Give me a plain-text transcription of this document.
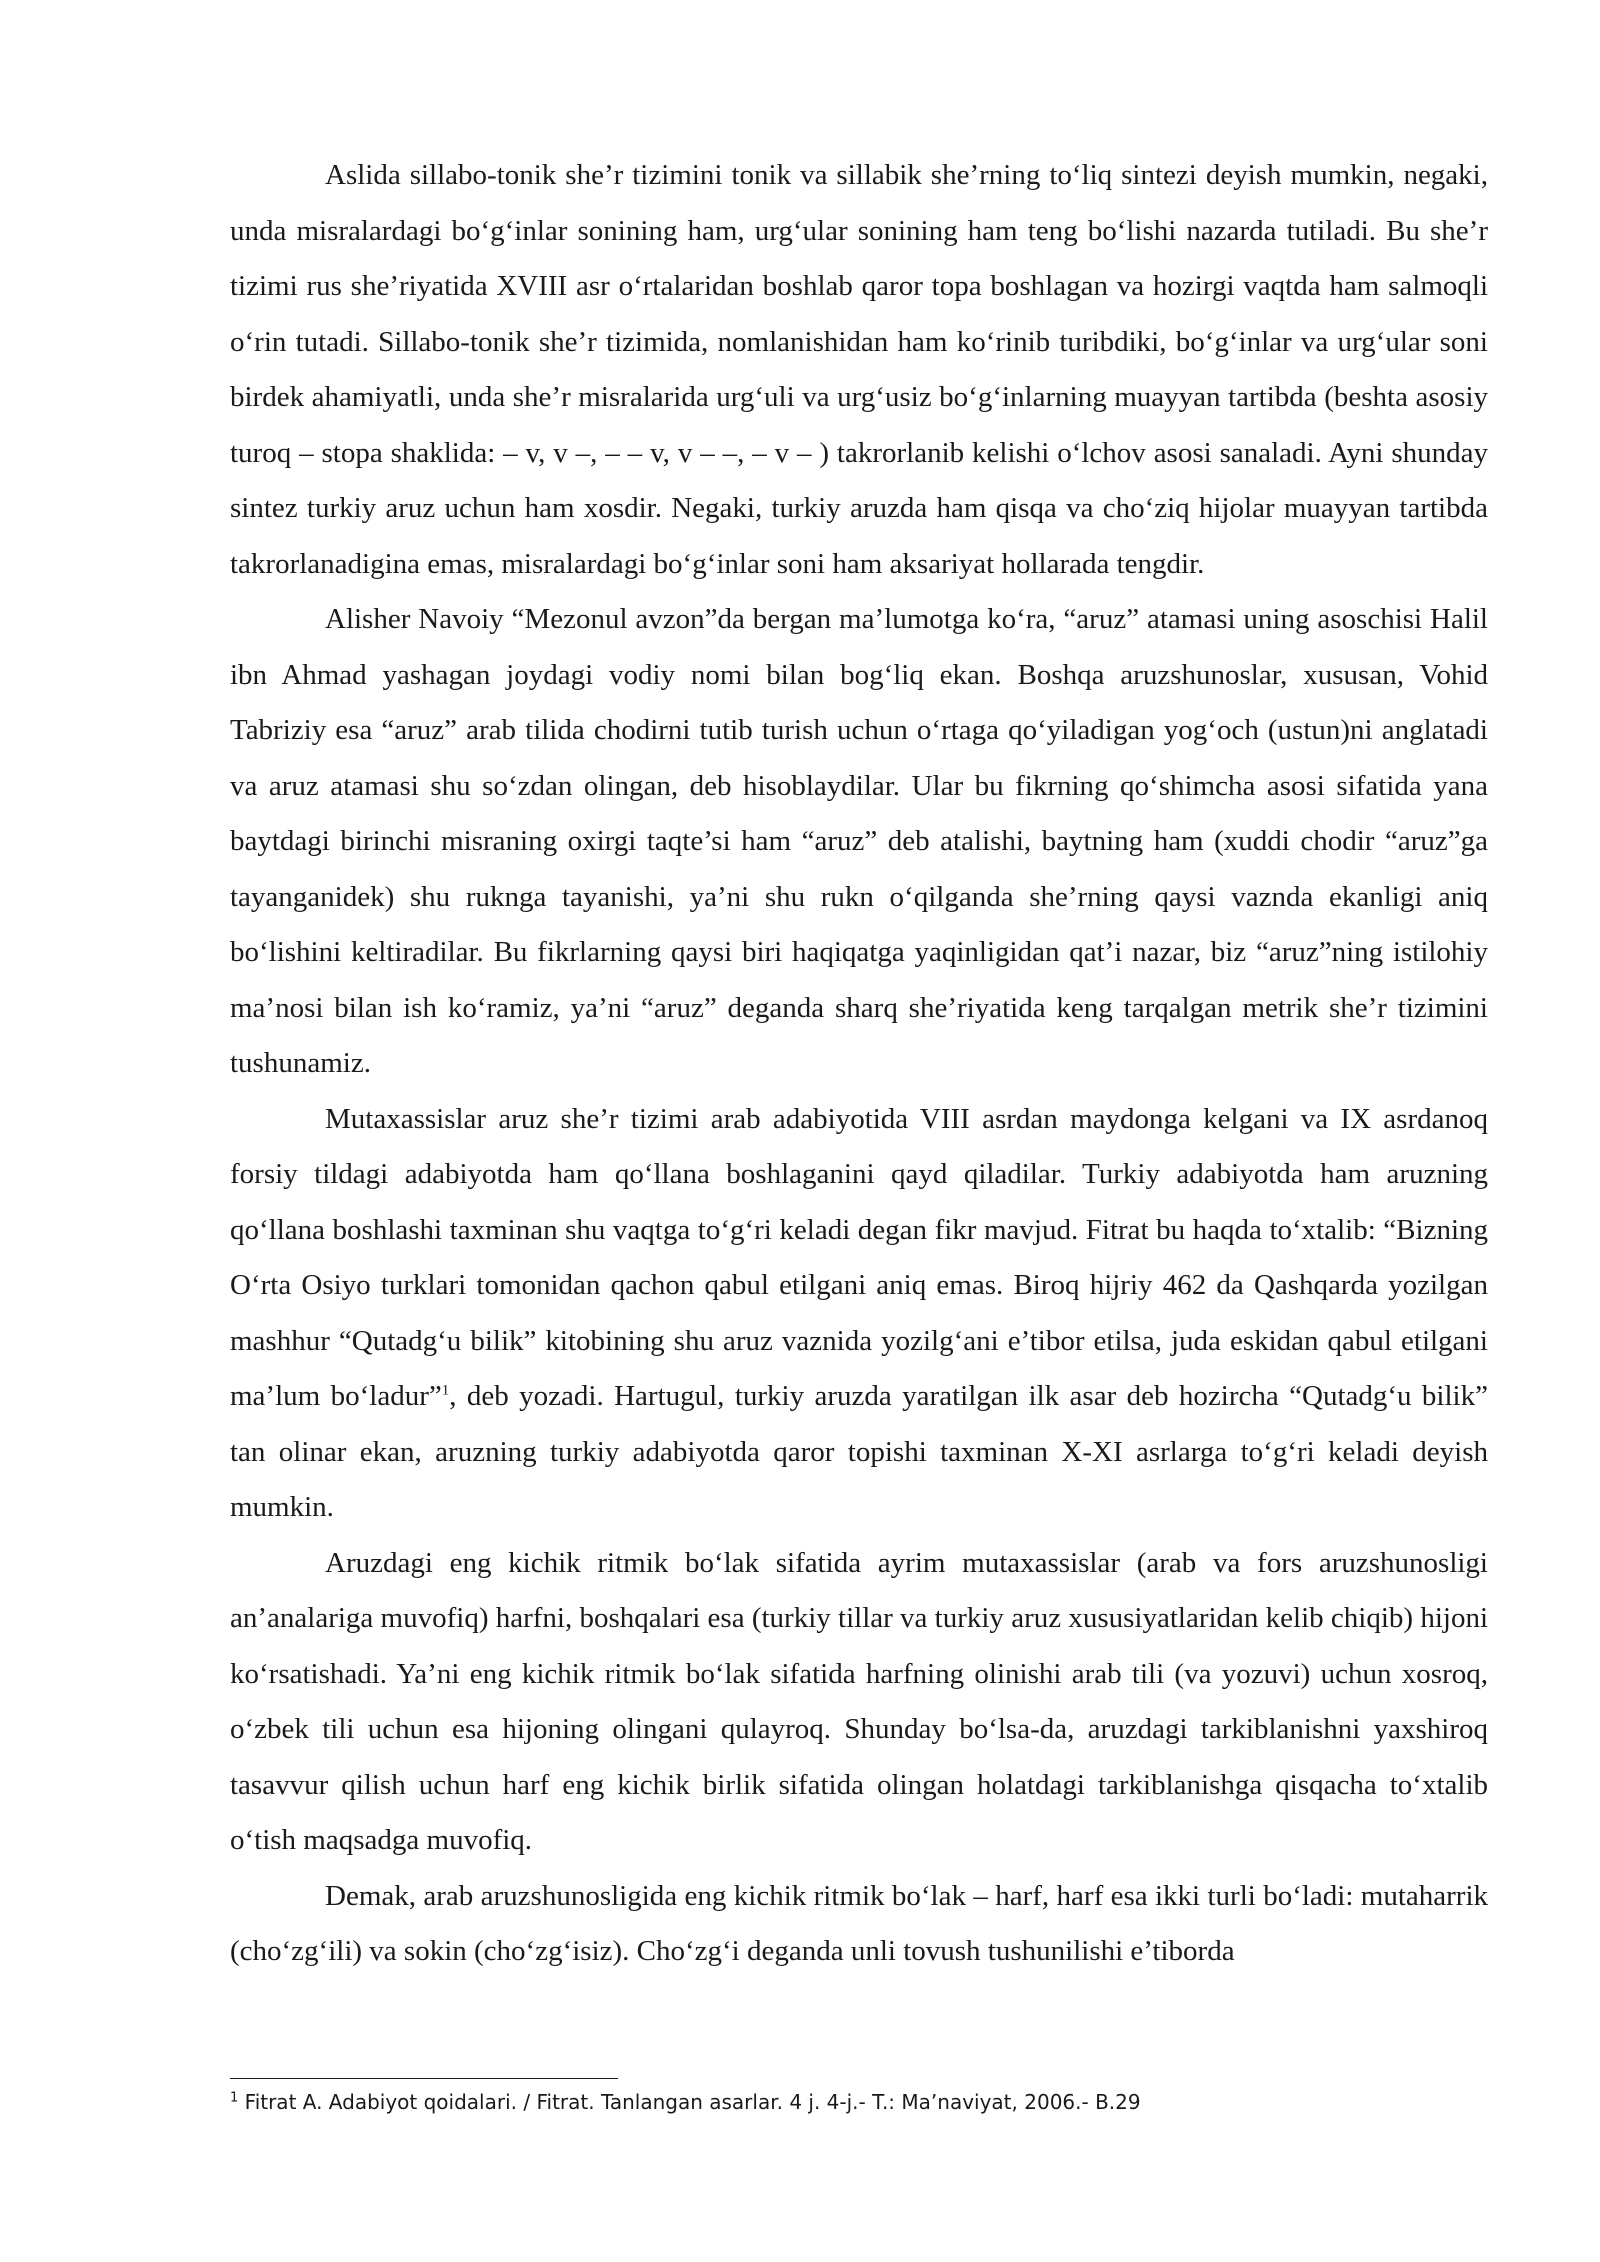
Aslida sillabo-tonik she’r tizimini tonik va sillabik she’rning to‘liq sintezi deyish mumkin, negaki, unda misralardagi bo‘g‘inlar sonining ham, urg‘ular sonining ham teng bo‘lishi nazarda tutiladi. Bu she’r tizimi rus she’riyatida XVIII asr o‘rtalaridan boshlab qaror topa boshlagan va hozirgi vaqtda ham salmoqli o‘rin tutadi. Sillabo-tonik she’r tizimida, nomlanishidan ham ko‘rinib turibdiki, bo‘g‘inlar va urg‘ular soni birdek ahamiyatli, unda she’r misralarida urg‘uli va urg‘usiz bo‘g‘inlarning muayyan tartibda (beshta asosiy turoq – stopa shaklida: – v, v –, – – v, v – –, – v – ) takrorlanib kelishi o‘lchov asosi sanaladi. Ayni shunday sintez turkiy aruz uchun ham xosdir. Negaki, turkiy aruzda ham qisqa va cho‘ziq hijolar muayyan tartibda takrorlanadigina emas, misralardagi bo‘g‘inlar soni ham aksariyat hollarada tengdir.

Alisher Navoiy “Mezonul avzon”da bergan ma’lumotga ko‘ra, “aruz” atamasi uning asoschisi Halil ibn Ahmad yashagan joydagi vodiy nomi bilan bog‘liq ekan. Boshqa aruzshunoslar, xususan, Vohid Tabriziy esa “aruz” arab tilida chodirni tutib turish uchun o‘rtaga qo‘yiladigan yog‘och (ustun)ni anglatadi va aruz atamasi shu so‘zdan olingan, deb hisoblaydilar. Ular bu fikrning qo‘shimcha asosi sifatida yana baytdagi birinchi misraning oxirgi taqte’si ham “aruz” deb atalishi, baytning ham (xuddi chodir “aruz”ga tayanganidek) shu ruknga tayanishi, ya’ni shu rukn o‘qilganda she’rning qaysi vaznda ekanligi aniq bo‘lishini keltiradilar. Bu fikrlarning qaysi biri haqiqatga yaqinligidan qat’i nazar, biz “aruz”ning istilohiy ma’nosi bilan ish ko‘ramiz, ya’ni “aruz” deganda sharq she’riyatida keng tarqalgan metrik she’r tizimini tushunamiz.

Mutaxassislar aruz she’r tizimi arab adabiyotida VIII asrdan maydonga kelgani va IX asrdanoq forsiy tildagi adabiyotda ham qo‘llana boshlaganini qayd qiladilar. Turkiy adabiyotda ham aruzning qo‘llana boshlashi taxminan shu vaqtga to‘g‘ri keladi degan fikr mavjud. Fitrat bu haqda to‘xtalib: “Bizning O‘rta Osiyo turklari tomonidan qachon qabul etilgani aniq emas. Biroq hijriy 462 da Qashqarda yozilgan mashhur “Qutadg‘u bilik” kitobining shu aruz vaznida yozilg‘ani e’tibor etilsa, juda eskidan qabul etilgani ma’lum bo‘ladur”$^1$, deb yozadi. Hartugul, turkiy aruzda yaratilgan ilk asar deb hozircha “Qutadg‘u bilik” tan olinar ekan, aruzning turkiy adabiyotda qaror topishi taxminan X-XI asrlarga to‘g‘ri keladi deyish mumkin.

Aruzdagi eng kichik ritmik bo‘lak sifatida ayrim mutaxassislar (arab va fors aruzshunosligi an’analariga muvofiq) harfni, boshqalari esa (turkiy tillar va turkiy aruz xususiyatlaridan kelib chiqib) hijoni ko‘rsatishadi. Ya’ni eng kichik ritmik bo‘lak sifatida harfning olinishi arab tili (va yozuvi) uchun xosroq, o‘zbek tili uchun esa hijoning olingani qulayroq. Shunday bo‘lsa-da, aruzdagi tarkiblanishni yaxshiroq tasavvur qilish uchun harf eng kichik birlik sifatida olingan holatdagi tarkiblanishga qisqacha to‘xtalib o‘tish maqsadga muvofiq.

Demak, arab aruzshunosligida eng kichik ritmik bo‘lak – harf, harf esa ikki turli bo‘ladi: mutaharrik (cho‘zg‘ili) va sokin (cho‘zg‘isiz). Cho‘zg‘i deganda unli tovush tushunilishi e’tiborda

$^1$ Fitrat A. Adabiyot qoidalari. / Fitrat. Tanlangan asarlar. 4 j. 4-j.- T.: Ma’naviyat, 2006.- B.29
